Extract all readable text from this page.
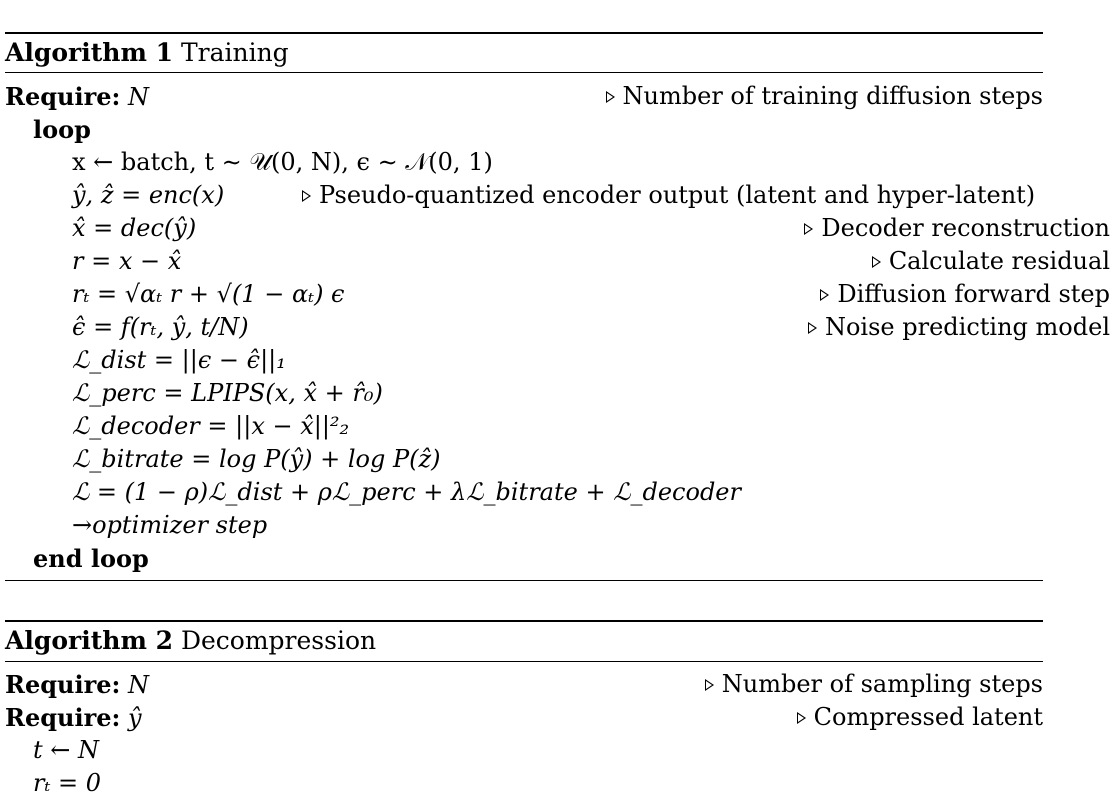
Algorithm 1 Training
Require: N	Number of training diffusion steps
loop
x ← batch, t ∼ 𝒰(0, N), ϵ ∼ 𝒩(0, 1)
ŷ, ẑ = enc(x)	Pseudo-quantized encoder output (latent and hyper-latent)
x̂ = dec(ŷ)	Decoder reconstruction
r = x − x̂	Calculate residual
rₜ = √αₜ r + √(1 − αₜ) ϵ	Diffusion forward step
ϵ̂ = f(rₜ, ŷ, t/N)	Noise predicting model
ℒ_dist = ||ϵ − ϵ̂||₁
ℒ_perc = LPIPS(x, x̂ + r̂₀)
ℒ_decoder = ||x − x̂||²₂
ℒ_bitrate = log P(ŷ) + log P(ẑ)
ℒ = (1 − ρ)ℒ_dist + ρℒ_perc + λℒ_bitrate + ℒ_decoder
→optimizer step
end loop
Algorithm 2 Decompression
Require: N	Number of sampling steps
Require: ŷ	Compressed latent
t ← N
rₜ = 0
